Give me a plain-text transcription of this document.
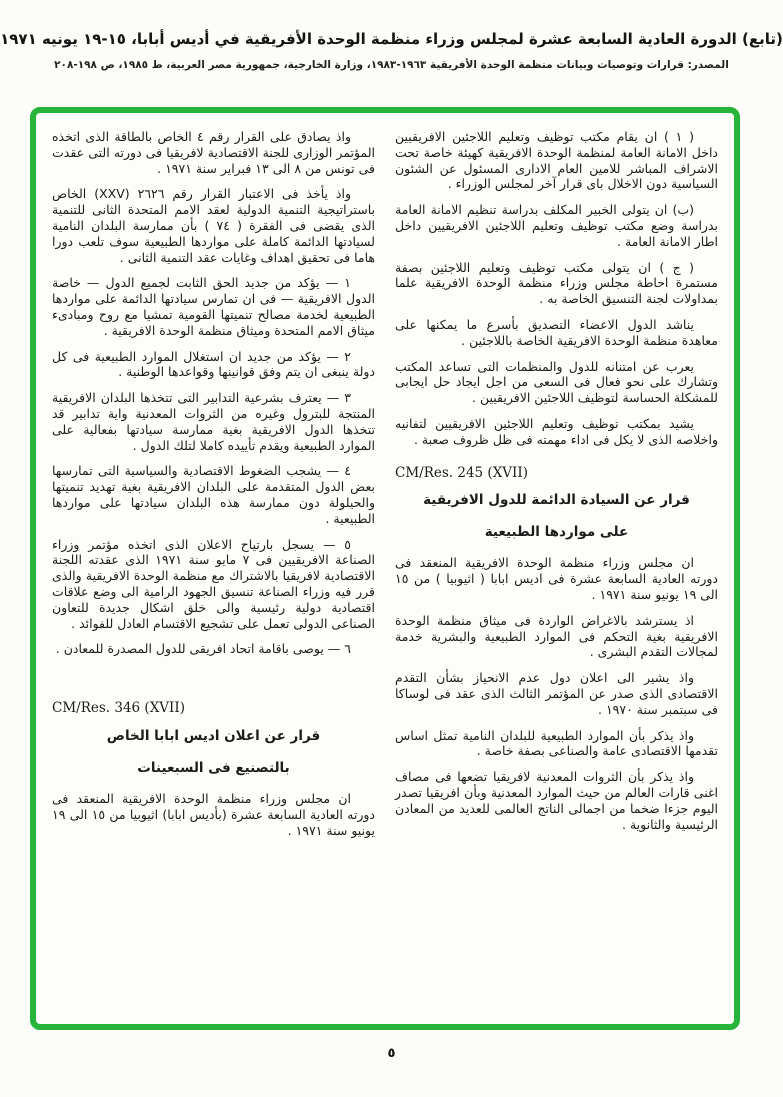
(تابع) الدورة العادية السابعة عشرة لمجلس وزراء منظمة الوحدة الأفريقية في أديس أبابا، ١٥-١٩ يونيه ١٩٧١
المصدر: قرارات وتوصيات وبيانات منظمة الوحدة الأفريقية ١٩٦٣-١٩٨٣، وزارة الخارجية، جمهورية مصر العربية، ط ١٩٨٥، ص ١٩٨-٢٠٨
( ١ ) ان يقام مكتب توظيف وتعليم اللاجئين الافريقيين داخل الامانة العامة لمنظمة الوحدة الافريقية كهيئة خاصة تحت الاشراف المباشر للامين العام الادارى المسئول عن الشئون السياسية دون الاخلال باى قرار آخر لمجلس الوزراء .
(ب) ان يتولى الخبير المكلف بدراسة تنظيم الامانة العامة بدراسة وضع مكتب توظيف وتعليم اللاجئين الافريقيين داخل اطار الامانة العامة .
( ج ) ان يتولى مكتب توظيف وتعليم اللاجئين بصفة مستمرة احاطة مجلس وزراء منظمة الوحدة الافريقية علما بمداولات لجنة التنسيق الخاصة به .
يناشد الدول الاعضاء التصديق بأسرع ما يمكنها على معاهدة منظمة الوحدة الافريقية الخاصة باللاجئين .
يعرب عن امتنانه للدول والمنظمات التى تساعد المكتب وتشارك على نحو فعال فى السعى من اجل ايجاد حل ايجابى للمشكلة الحساسة لتوظيف اللاجئين الافريقيين .
يشيد بمكتب توظيف وتعليم اللاجئين الافريقيين لتفانيه واخلاصه الذى لا يكل فى اداء مهمته فى ظل ظروف صعبة .
CM/Res. 245 (XVII)
قرار عن السيادة الدائمة للدول الافريقية
على مواردها الطبيعية
ان مجلس وزراء منظمة الوحدة الافريقية المنعقد فى دورته العادية السابعة عشرة فى اديس ابابا ( اثيوبيا ) من ١٥ الى ١٩ يونيو سنة ١٩٧١ .
اذ يسترشد بالاغراض الواردة فى ميثاق منظمة الوحدة الافريقية بغية التحكم فى الموارد الطبيعية والبشرية خدمة لمجالات التقدم البشرى .
واذ يشير الى اعلان دول عدم الانحياز بشأن التقدم الاقتصادى الذى صدر عن المؤتمر الثالث الذى عقد فى لوساكا فى سبتمبر سنة ١٩٧٠ .
واذ يذكر بأن الموارد الطبيعية للبلدان النامية تمثل اساس تقدمها الاقتصادى عامة والصناعى بصفة خاصة .
واذ يذكر بأن الثروات المعدنية لافريقيا تضعها فى مصاف اغنى قارات العالم من حيث الموارد المعدنية وبأن افريقيا تصدر اليوم جزءا ضخما من اجمالى الناتج العالمى للعديد من المعادن الرئيسية والثانوية .
واذ يصادق على القرار رقم ٤ الخاص بالطاقة الذى اتخذه المؤتمر الوزارى للجنة الاقتصادية لافريقيا فى دورته التى عقدت فى تونس من ٨ الى ١٣ فبراير سنة ١٩٧١ .
واذ يأخذ فى الاعتبار القرار رقم ٢٦٢٦ (XXV) الخاص باستراتيجية التنمية الدولية لعقد الامم المتحدة الثانى للتنمية الذى يقضى فى الفقرة ( ٧٤ ) بأن ممارسة البلدان النامية لسيادتها الدائمة كاملة على مواردها الطبيعية سوف تلعب دورا هاما فى تحقيق اهداف وغايات عقد التنمية الثانى .
١ — يؤكد من جديد الحق الثابت لجميع الدول — خاصة الدول الافريقية — فى ان تمارس سيادتها الدائمة على مواردها الطبيعية لخدمة مصالح تنميتها القومية تمشيا مع روح ومبادىء ميثاق الامم المتحدة وميثاق منظمة الوحدة الافريقية .
٢ — يؤكد من جديد ان استغلال الموارد الطبيعية فى كل دولة ينبغى ان يتم وفق قوانينها وقواعدها الوطنية .
٣ — يعترف بشرعية التدابير التى تتخذها البلدان الافريقية المنتجة للبترول وغيره من الثروات المعدنية واية تدابير قد تتخذها الدول الافريقية بغية ممارسة سيادتها بفعالية على الموارد الطبيعية ويقدم تأييده كاملا لتلك الدول .
٤ — يشجب الضغوط الاقتصادية والسياسية التى تمارسها بعض الدول المتقدمة على البلدان الافريقية بغية تهديد تنميتها والحيلولة دون ممارسة هذه البلدان سيادتها على مواردها الطبيعية .
٥ — يسجل بارتياح الاعلان الذى اتخذه مؤتمر وزراء الصناعة الافريقيين فى ٧ مايو سنة ١٩٧١ الذى عقدته اللجنة الاقتصادية لافريقيا بالاشتراك مع منظمة الوحدة الافريقية والذى قرر فيه وزراء الصناعة تنسيق الجهود الرامية الى وضع علاقات اقتصادية دولية رئيسية والى خلق اشكال جديدة للتعاون الصناعى الدولى تعمل على تشجيع الاقتسام العادل للفوائد .
٦ — يوصى باقامة اتحاد افريقى للدول المصدرة للمعادن .
CM/Res. 346 (XVII)
قرار عن اعلان اديس ابابا الخاص
بالتصنيع فى السبعينات
ان مجلس وزراء منظمة الوحدة الافريقية المنعقد فى دورته العادية السابعة عشرة (بأديس ابابا) اثيوبيا من ١٥ الى ١٩ يونيو سنة ١٩٧١ .
٥
